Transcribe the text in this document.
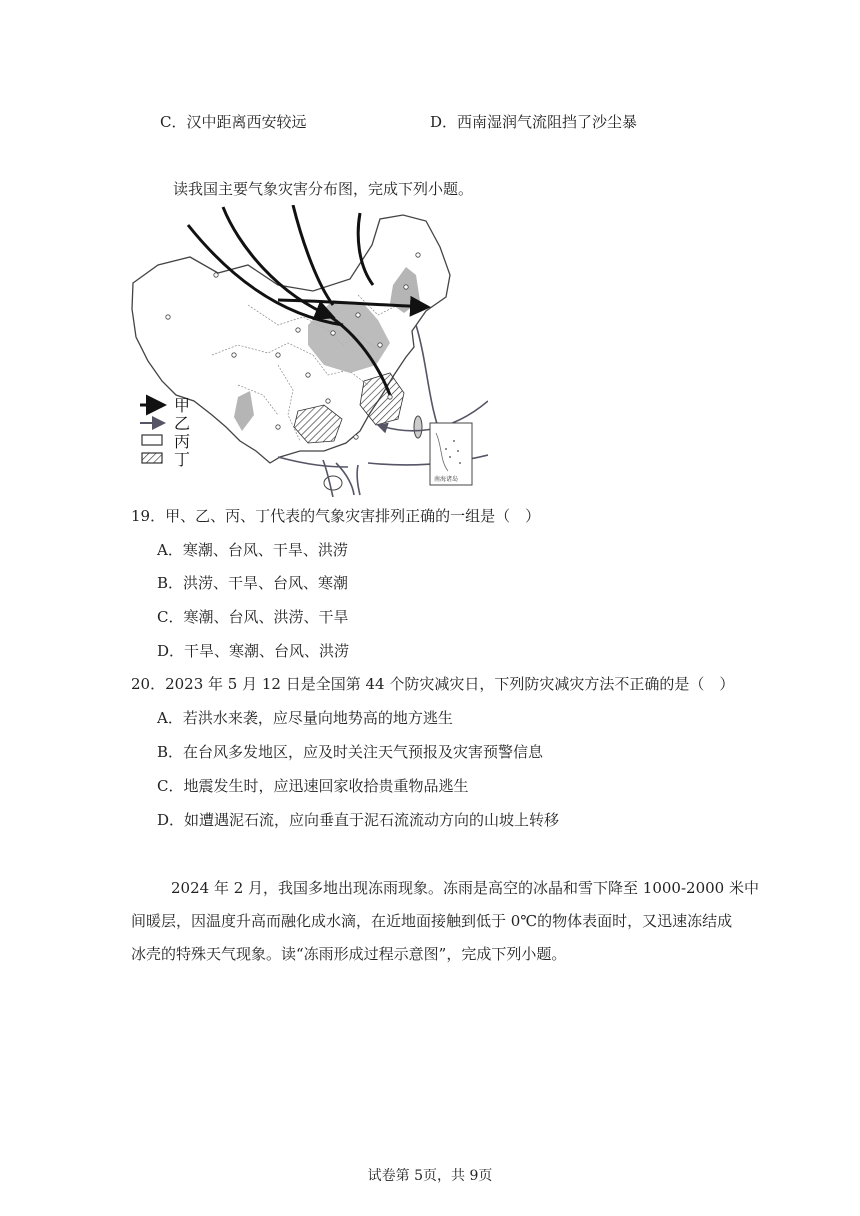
C．汉中距离西安较远	D．西南湿润气流阻挡了沙尘暴
读我国主要气象灾害分布图，完成下列小题。
南海诸岛
甲
乙
丙
丁
19．甲、乙、丙、丁代表的气象灾害排列正确的一组是（　）
A．寒潮、台风、干旱、洪涝
B．洪涝、干旱、台风、寒潮
C．寒潮、台风、洪涝、干旱
D．干旱、寒潮、台风、洪涝
20．2023 年 5 月 12 日是全国第 44 个防灾减灾日，下列防灾减灾方法不正确的是（　）
A．若洪水来袭，应尽量向地势高的地方逃生
B．在台风多发地区，应及时关注天气预报及灾害预警信息
C．地震发生时，应迅速回家收拾贵重物品逃生
D．如遭遇泥石流，应向垂直于泥石流流动方向的山坡上转移
2024 年 2 月，我国多地出现冻雨现象。冻雨是高空的冰晶和雪下降至 1000-2000 米中
间暖层，因温度升高而融化成水滴，在近地面接触到低于 0℃的物体表面时，又迅速冻结成
冰壳的特殊天气现象。读“冻雨形成过程示意图”，完成下列小题。
试卷第 5页，共 9页
